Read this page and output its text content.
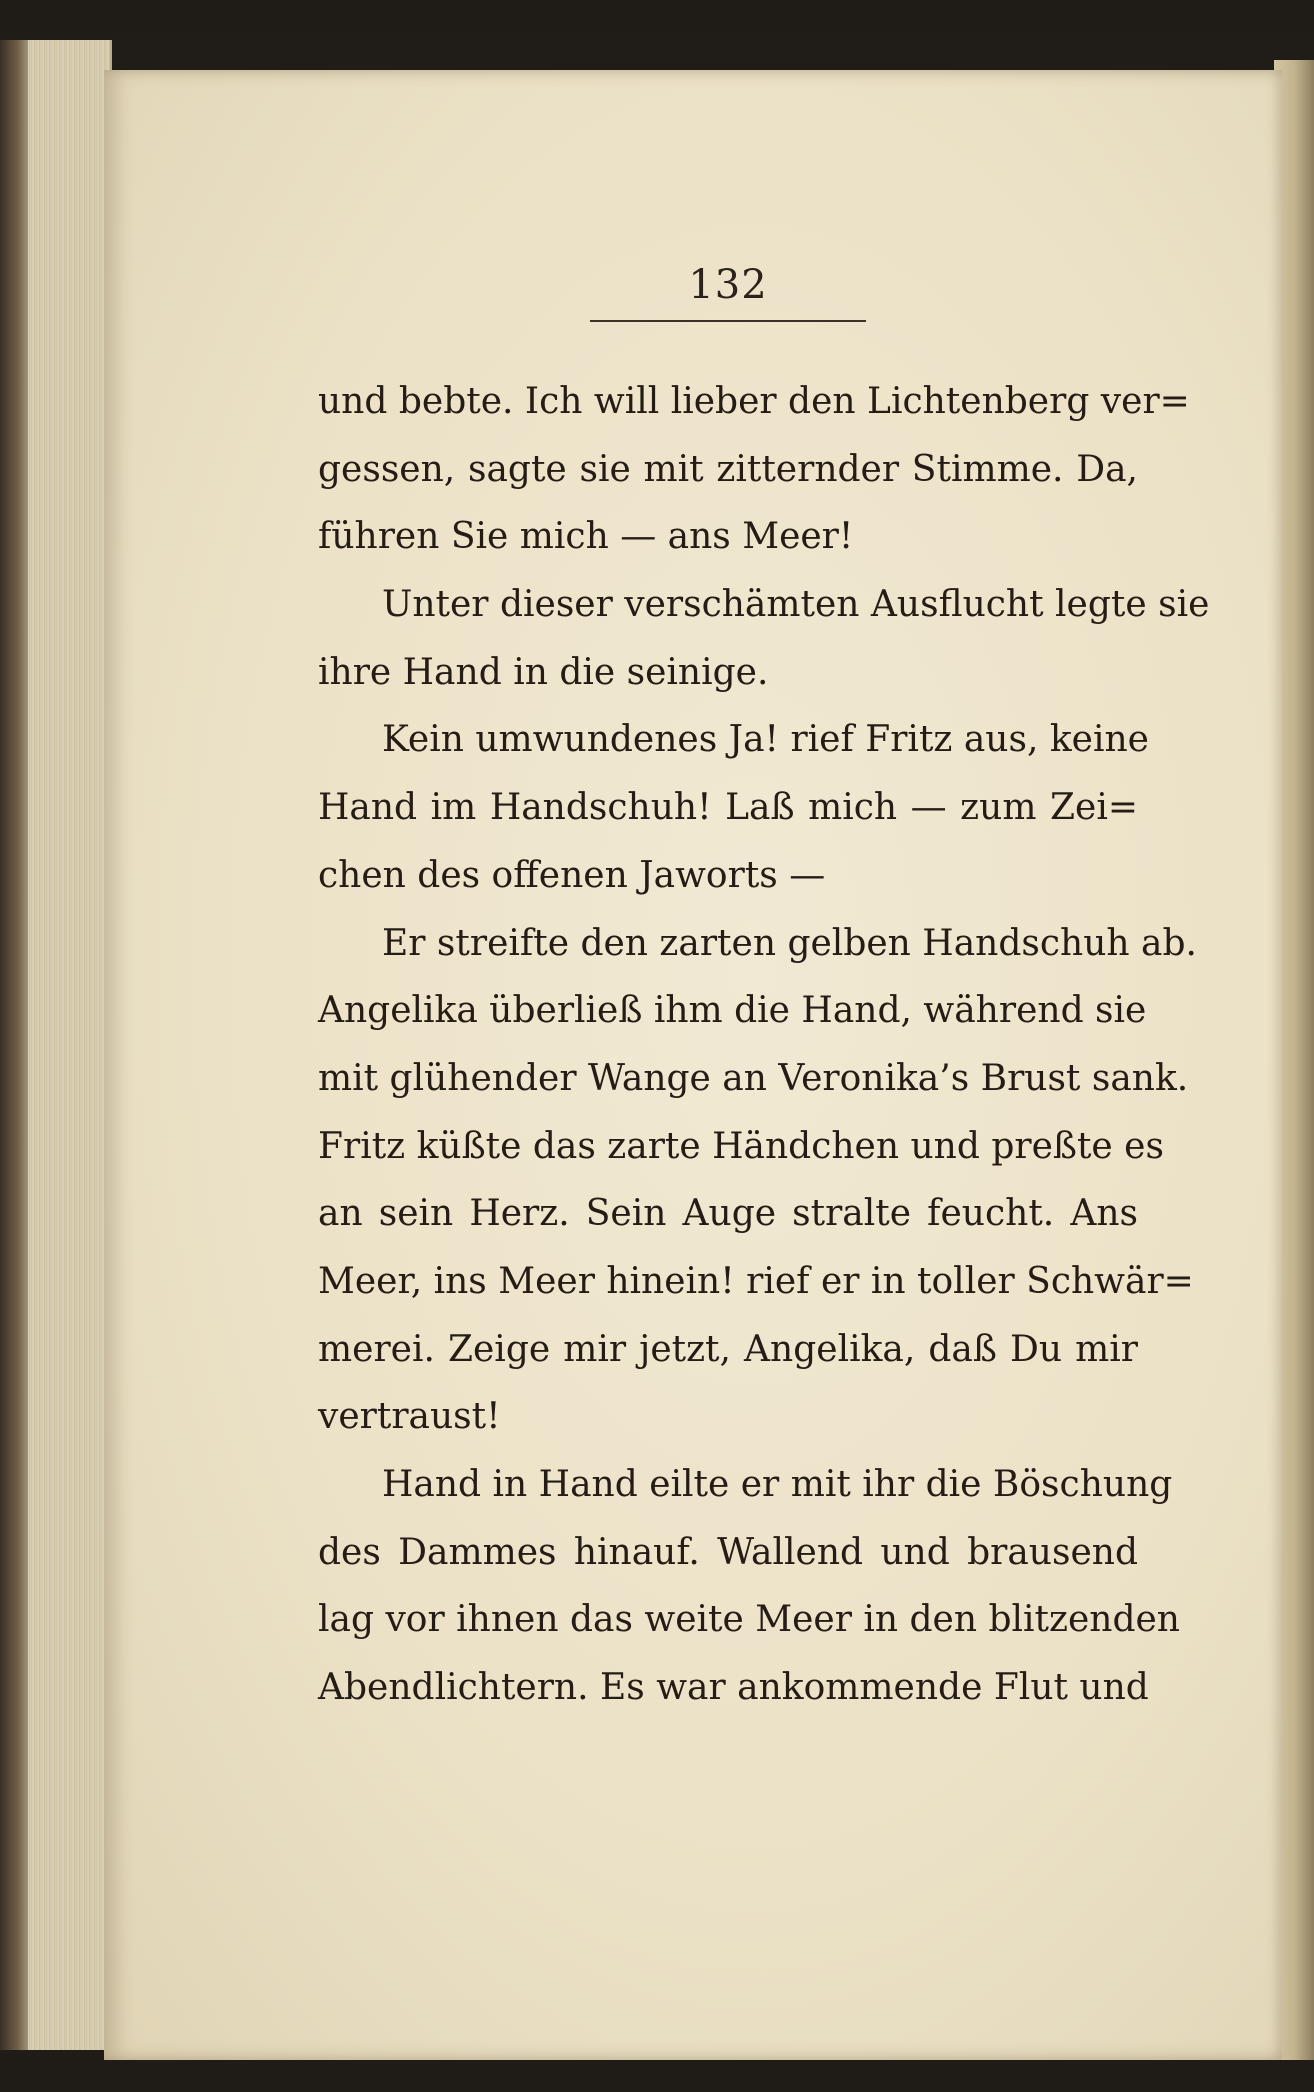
132
und bebte. Ich will lieber den Lichtenberg ver=
gessen, sagte sie mit zitternder Stimme. Da,
führen Sie mich — ans Meer!
Unter dieser verschämten Ausflucht legte sie
ihre Hand in die seinige.
Kein umwundenes Ja! rief Fritz aus, keine
Hand im Handschuh! Laß mich — zum Zei=
chen des offenen Jaworts —
Er streifte den zarten gelben Handschuh ab.
Angelika überließ ihm die Hand, während sie
mit glühender Wange an Veronika’s Brust sank.
Fritz küßte das zarte Händchen und preßte es
an sein Herz. Sein Auge stralte feucht. Ans
Meer, ins Meer hinein! rief er in toller Schwär=
merei. Zeige mir jetzt, Angelika, daß Du mir
vertraust!
Hand in Hand eilte er mit ihr die Böschung
des Dammes hinauf. Wallend und brausend
lag vor ihnen das weite Meer in den blitzenden
Abendlichtern. Es war ankommende Flut und
